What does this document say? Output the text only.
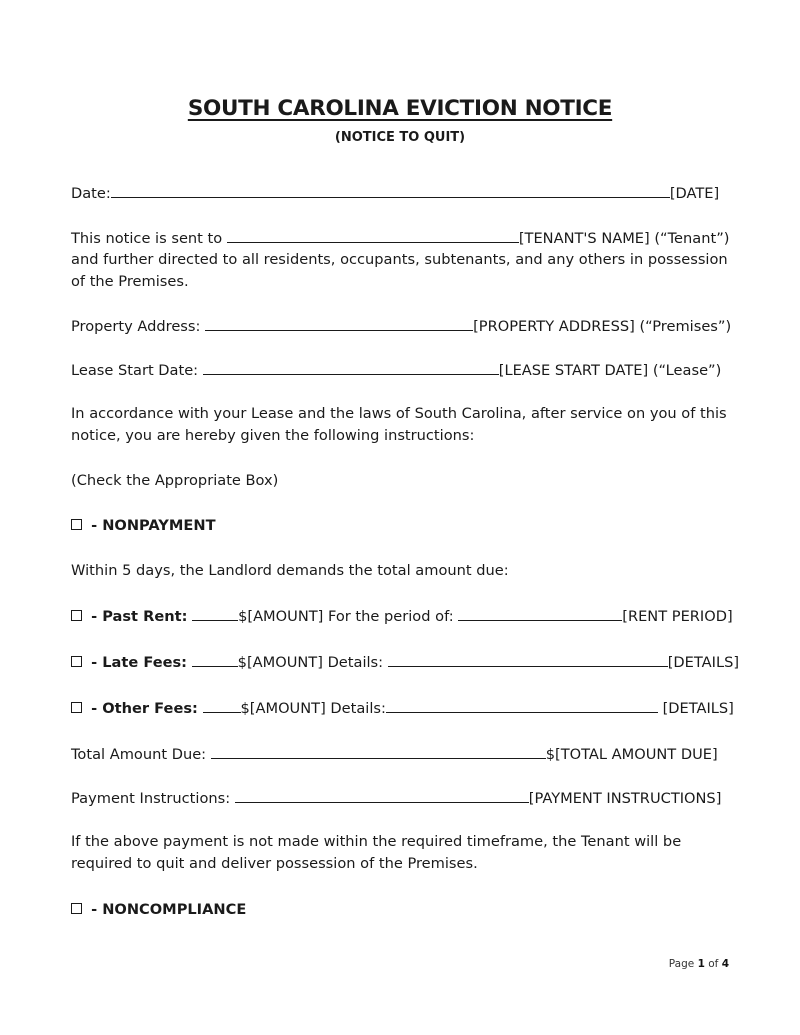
SOUTH CAROLINA EVICTION NOTICE
(NOTICE TO QUIT)
Date:	[DATE]
This notice is sent to	[TENANT'S NAME] (“Tenant”)
and further directed to all residents, occupants, subtenants, and any others in possession of the Premises.
Property Address:	[PROPERTY ADDRESS] (“Premises”)
Lease Start Date:	[LEASE START DATE] (“Lease”)
In accordance with your Lease and the laws of South Carolina, after service on you of this notice, you are hereby given the following instructions:
(Check the Appropriate Box)
- NONPAYMENT
Within 5 days, the Landlord demands the total amount due:
- Past Rent:	$[AMOUNT] For the period of:	[RENT PERIOD]
- Late Fees:	$[AMOUNT] Details:	[DETAILS]
- Other Fees:	$[AMOUNT] Details:	[DETAILS]
Total Amount Due:	$[TOTAL AMOUNT DUE]
Payment Instructions:	[PAYMENT INSTRUCTIONS]
If the above payment is not made within the required timeframe, the Tenant will be required to quit and deliver possession of the Premises.
- NONCOMPLIANCE
Page 1 of 4
